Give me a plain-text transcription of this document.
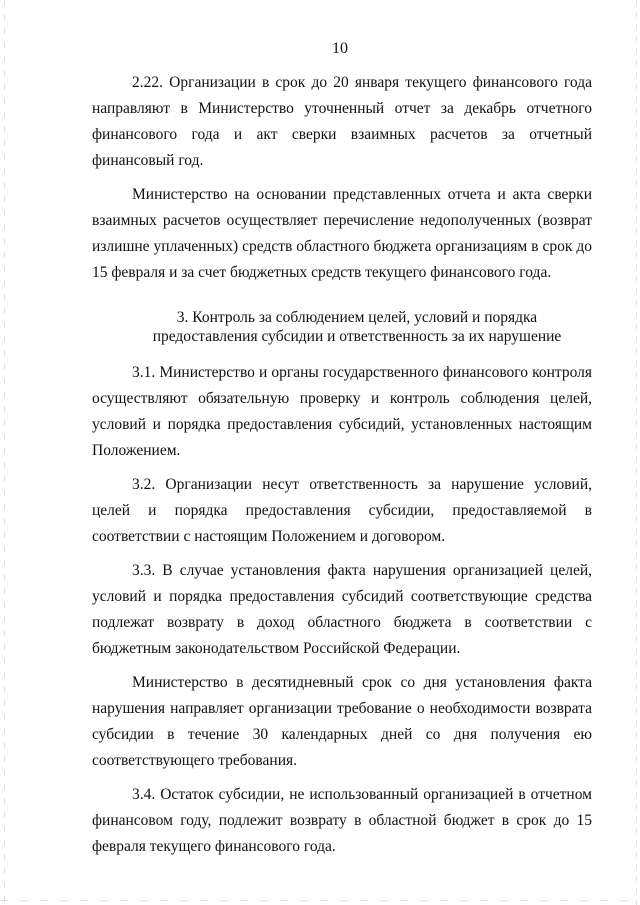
10

2.22. Организации в срок до 20 января текущего финансового года направляют в Министерство уточненный отчет за декабрь отчетного финансового года и акт сверки взаимных расчетов за отчетный финансовый год.

Министерство на основании представленных отчета и акта сверки взаимных расчетов осуществляет перечисление недополученных (возврат излишне уплаченных) средств областного бюджета организациям в срок до 15 февраля и за счет бюджетных средств текущего финансового года.

3. Контроль за соблюдением целей, условий и порядка
предоставления субсидии и ответственность за их нарушение

3.1. Министерство и органы государственного финансового контроля осуществляют обязательную проверку и контроль соблюдения целей, условий и порядка предоставления субсидий, установленных настоящим Положением.

3.2. Организации несут ответственность за нарушение условий, целей и порядка предоставления субсидии, предоставляемой в соответствии с настоящим Положением и договором.

3.3. В случае установления факта нарушения организацией целей, условий и порядка предоставления субсидий соответствующие средства подлежат возврату в доход областного бюджета в соответствии с бюджетным законодательством Российской Федерации.

Министерство в десятидневный срок со дня установления факта нарушения направляет организации требование о необходимости возврата субсидии в течение 30 календарных дней со дня получения ею соответствующего требования.

3.4. Остаток субсидии, не использованный организацией в отчетном финансовом году, подлежит возврату в областной бюджет в срок до 15 февраля текущего финансового года.
